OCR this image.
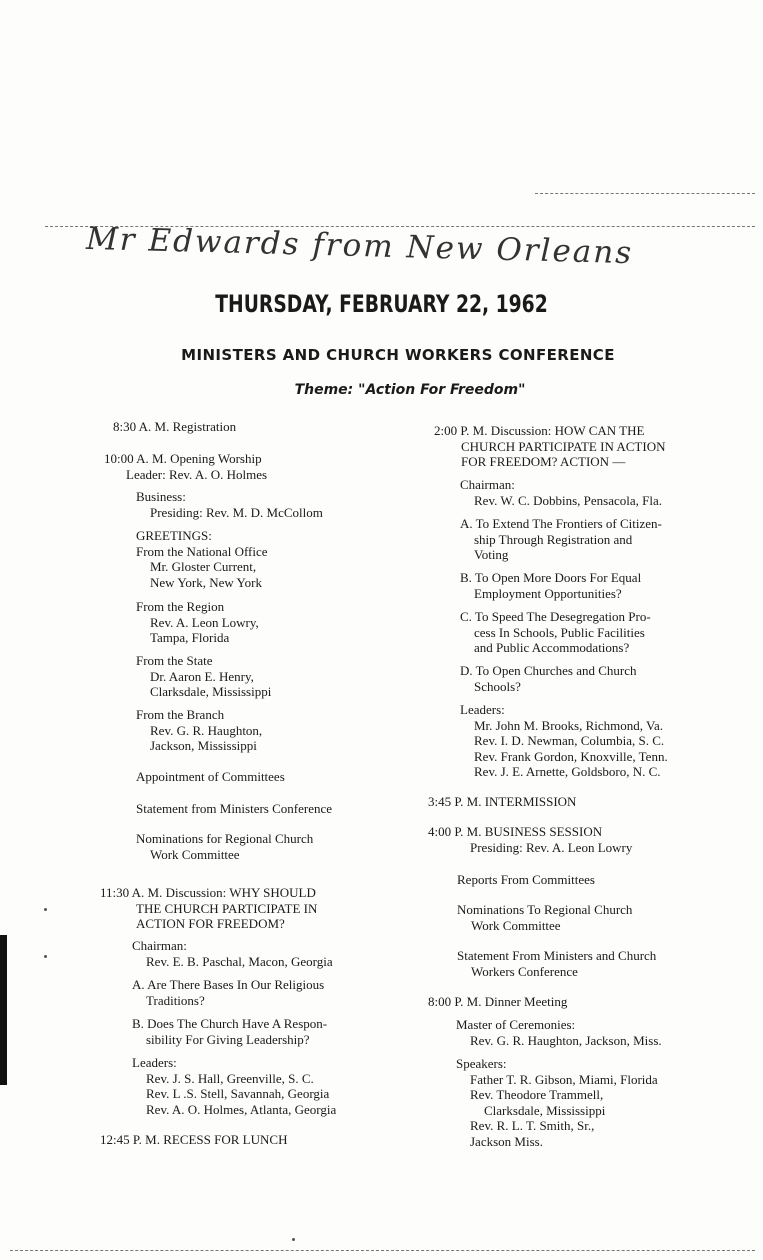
Mr Edwards from New Orleans
THURSDAY, FEBRUARY 22, 1962
MINISTERS AND CHURCH WORKERS CONFERENCE
Theme: "Action For Freedom"
8:30 A. M. Registration
10:00 A. M. Opening Worship
Leader: Rev. A. O. Holmes
Business:
Presiding: Rev. M. D. McCollom
GREETINGS:
From the National Office
Mr. Gloster Current,
New York, New York
From the Region
Rev. A. Leon Lowry,
Tampa, Florida
From the State
Dr. Aaron E. Henry,
Clarksdale, Mississippi
From the Branch
Rev. G. R. Haughton,
Jackson, Mississippi
Appointment of Committees
Statement from Ministers Conference
Nominations for Regional Church
Work Committee
11:30 A. M. Discussion: WHY SHOULD
THE CHURCH PARTICIPATE IN
ACTION FOR FREEDOM?
Chairman:
Rev. E. B. Paschal, Macon, Georgia
A. Are There Bases In Our Religious
Traditions?
B. Does The Church Have A Respon-
sibility For Giving Leadership?
Leaders:
Rev. J. S. Hall, Greenville, S. C.
Rev. L .S. Stell, Savannah, Georgia
Rev. A. O. Holmes, Atlanta, Georgia
12:45 P. M. RECESS FOR LUNCH
2:00 P. M. Discussion: HOW CAN THE
CHURCH PARTICIPATE IN ACTION
FOR FREEDOM? ACTION —
Chairman:
Rev. W. C. Dobbins, Pensacola, Fla.
A. To Extend The Frontiers of Citizen-
ship Through Registration and
Voting
B. To Open More Doors For Equal
Employment Opportunities?
C. To Speed The Desegregation Pro-
cess In Schools, Public Facilities
and Public Accommodations?
D. To Open Churches and Church
Schools?
Leaders:
Mr. John M. Brooks, Richmond, Va.
Rev. I. D. Newman, Columbia, S. C.
Rev. Frank Gordon, Knoxville, Tenn.
Rev. J. E. Arnette, Goldsboro, N. C.
3:45 P. M. INTERMISSION
4:00 P. M. BUSINESS SESSION
Presiding: Rev. A. Leon Lowry
Reports From Committees
Nominations To Regional Church
Work Committee
Statement From Ministers and Church
Workers Conference
8:00 P. M. Dinner Meeting
Master of Ceremonies:
Rev. G. R. Haughton, Jackson, Miss.
Speakers:
Father T. R. Gibson, Miami, Florida
Rev. Theodore Trammell,
Clarksdale, Mississippi
Rev. R. L. T. Smith, Sr.,
Jackson Miss.
